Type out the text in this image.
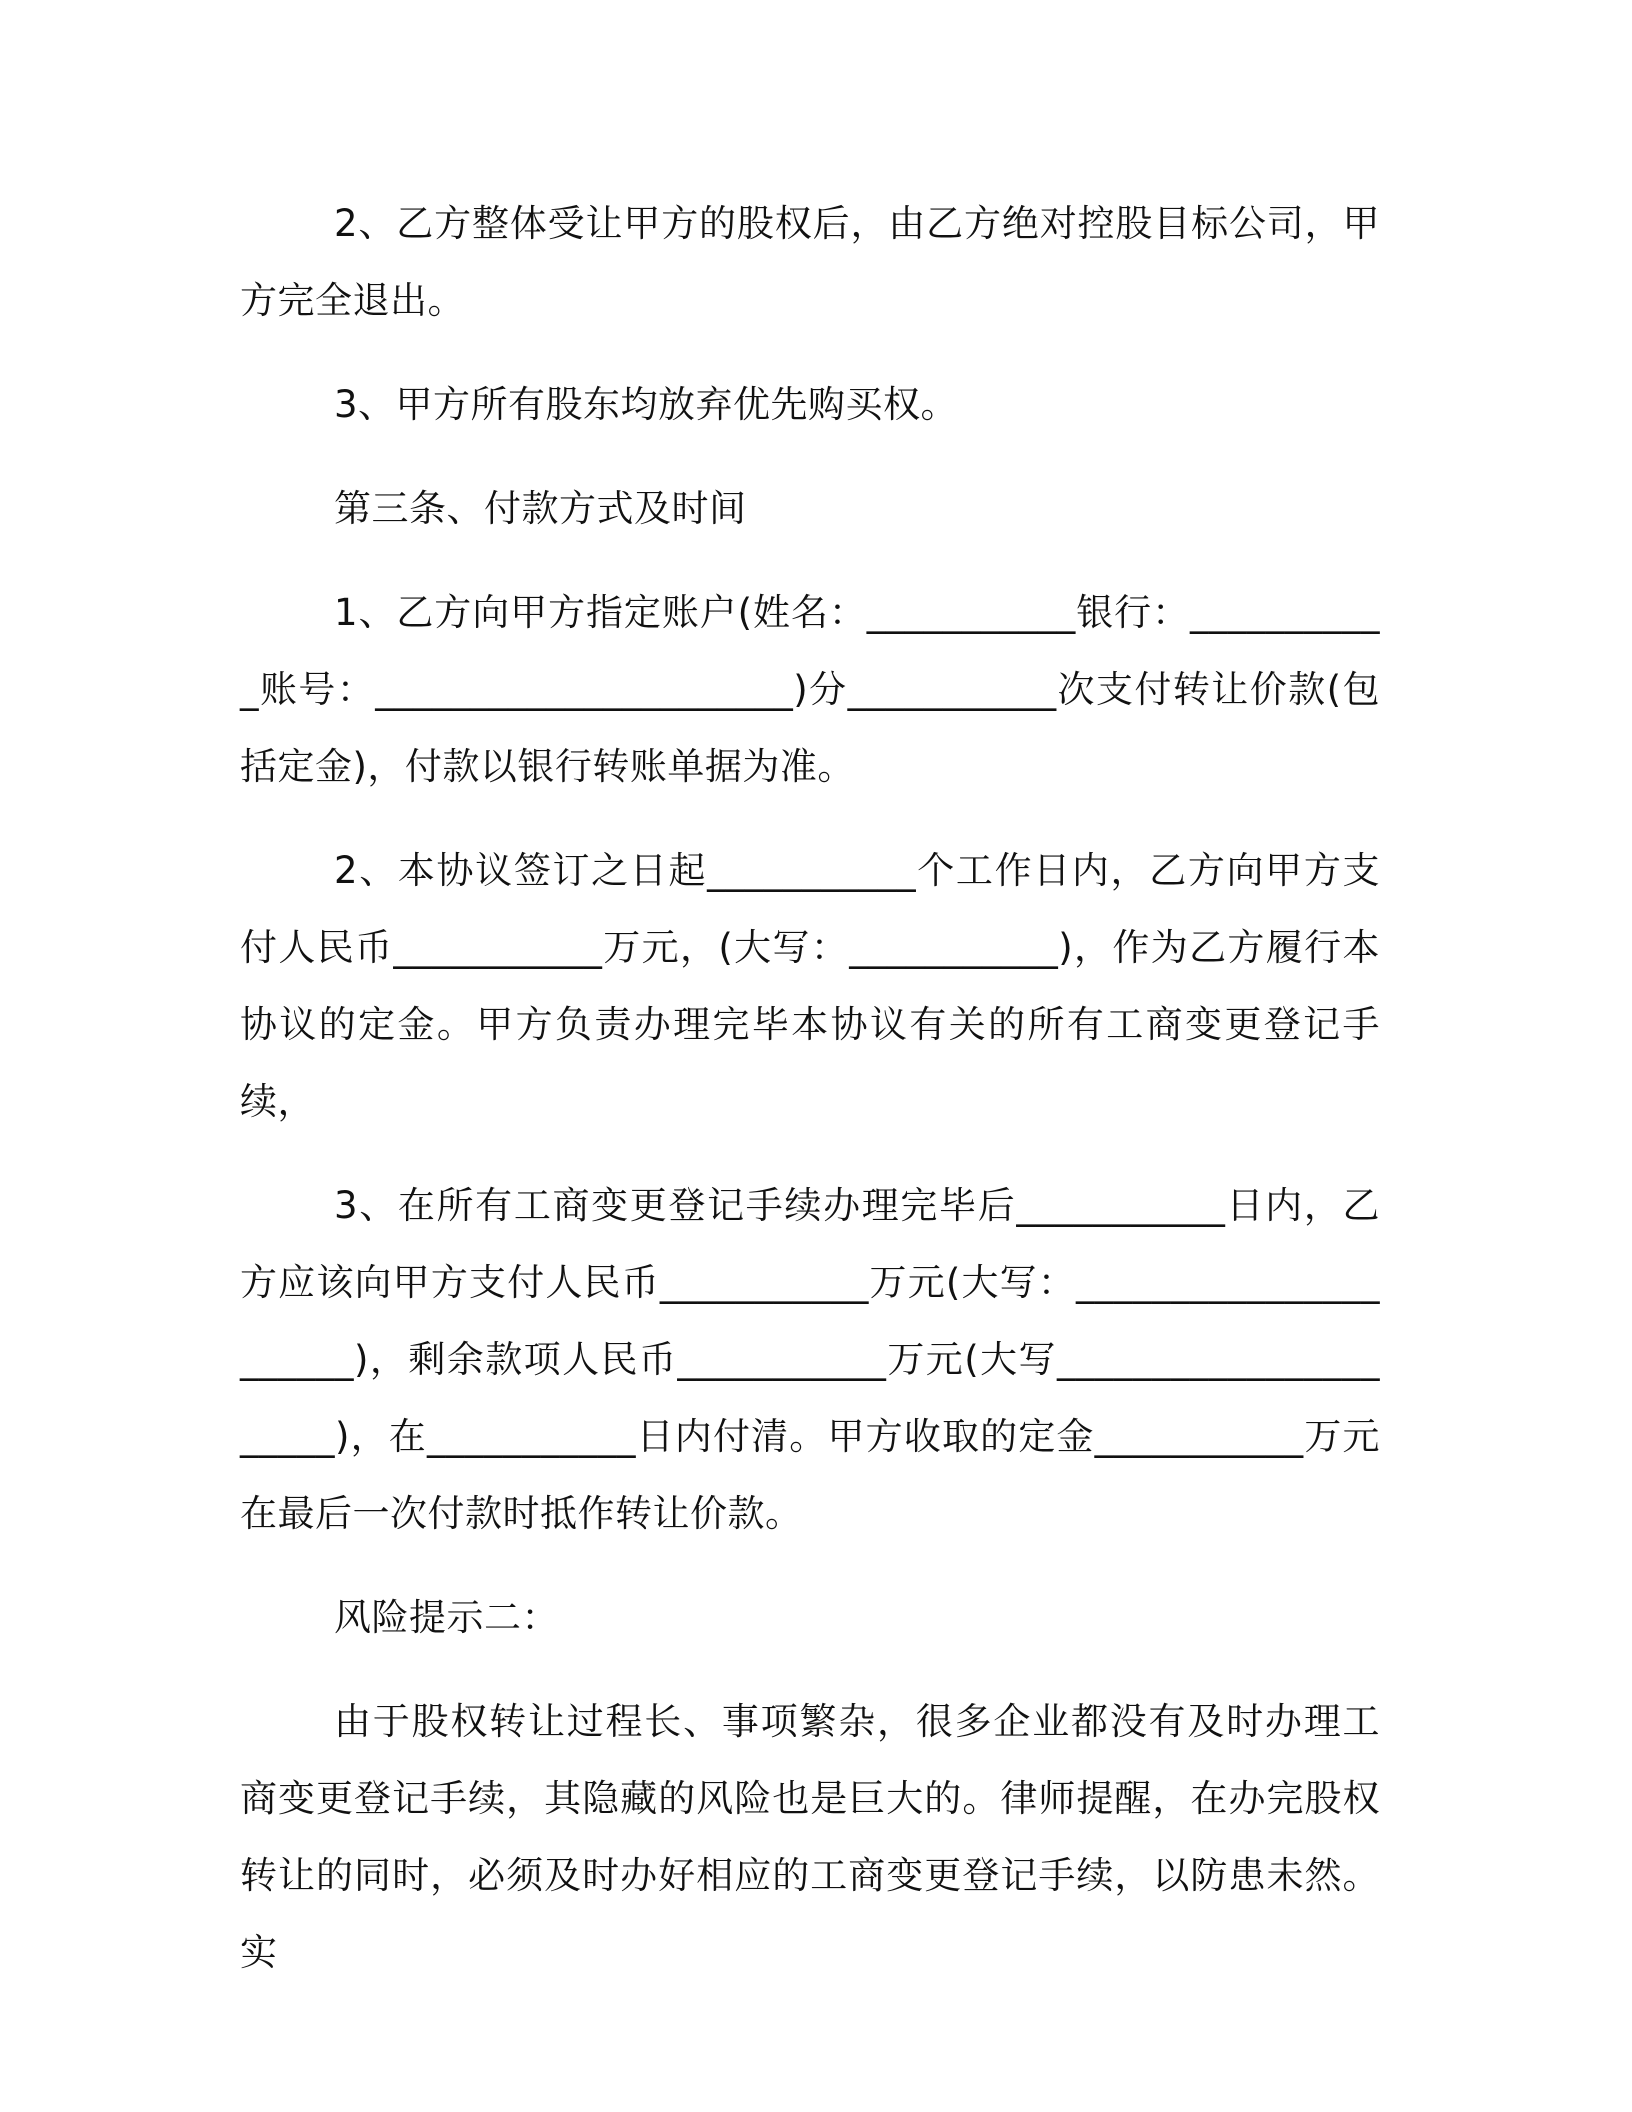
2、乙方整体受让甲方的股权后，由乙方绝对控股目标公司，甲方完全退出。

3、甲方所有股东均放弃优先购买权。

第三条、付款方式及时间

1、乙方向甲方指定账户(姓名：___________银行：___________账号：______________________)分___________次支付转让价款(包括定金)，付款以银行转账单据为准。

2、本协议签订之日起___________个工作日内，乙方向甲方支付人民币___________万元，(大写：___________)，作为乙方履行本协议的定金。甲方负责办理完毕本协议有关的所有工商变更登记手续，

3、在所有工商变更登记手续办理完毕后___________日内，乙方应该向甲方支付人民币___________万元(大写：______________________)，剩余款项人民币___________万元(大写______________________)，在___________日内付清。甲方收取的定金___________万元在最后一次付款时抵作转让价款。

风险提示二：

由于股权转让过程长、事项繁杂，很多企业都没有及时办理工商变更登记手续，其隐藏的风险也是巨大的。律师提醒，在办完股权转让的同时，必须及时办好相应的工商变更登记手续，以防患未然。实
